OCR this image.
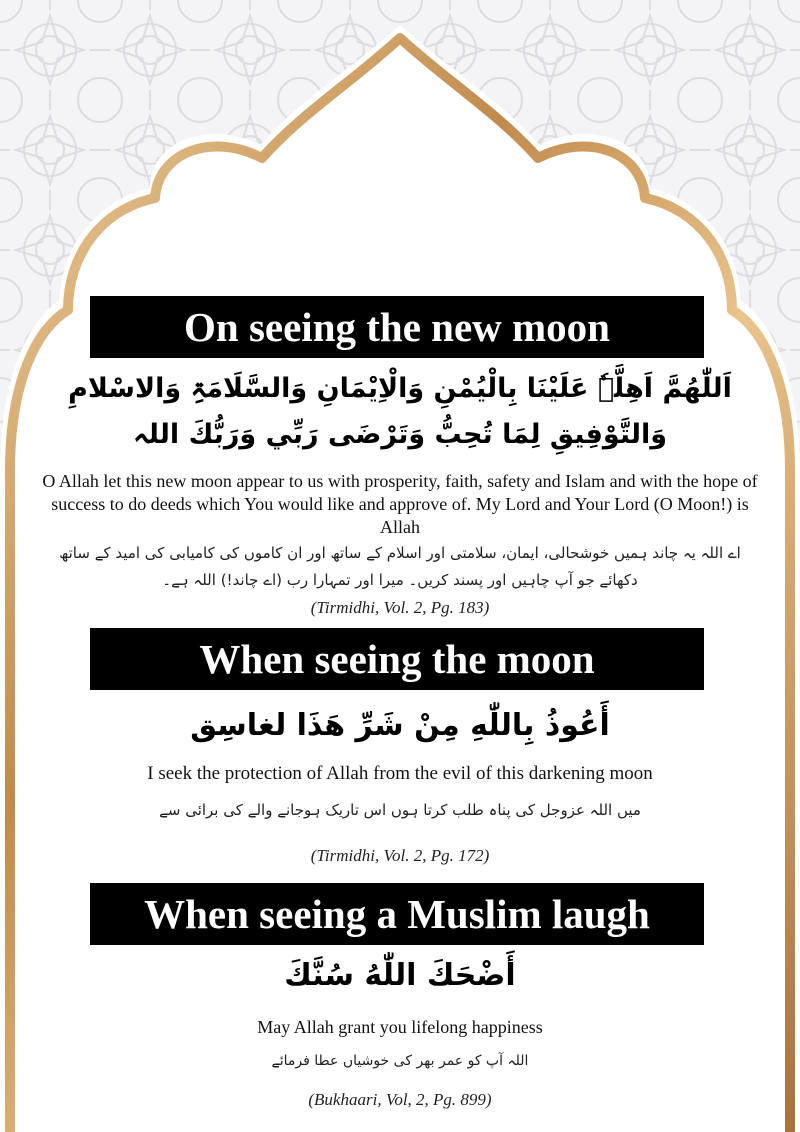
On seeing the new moon
اَللّٰھُمَّ اَھِلَّہٗ عَلَیْنَا بِالْیُمْنِ وَالْاِیْمَانِ وَالسَّلَامَۃِ وَالاسْلامِ وَالتَّوْفِیقِ لِمَا تُحِبُّ وَتَرْضَی رَبِّي وَرَبُّكَ اللہ
O Allah let this new moon appear to us with prosperity, faith, safety and Islam and with the hope of success to do deeds which You would like and approve of. My Lord and Your Lord (O Moon!) is Allah
اے اللہ یہ چاند ہمیں خوشحالی، ایمان، سلامتی اور اسلام کے ساتھ اور ان کاموں کی کامیابی کی امید کے ساتھ دکھائے جو آپ چاہیں اور پسند کریں۔ میرا اور تمہارا رب (اے چاند!) اللہ ہے۔
(Tirmidhi, Vol. 2, Pg. 183)
When seeing the moon
أَعُوذُ بِاللّٰهِ مِنْ شَرِّ هَذَا لغاسِق
I seek the protection of Allah from the evil of this darkening moon
میں اللہ عزوجل کی پناہ طلب کرتا ہوں اس تاریک ہوجانے والے کی برائی سے
(Tirmidhi, Vol. 2, Pg. 172)
When seeing a Muslim laugh
أَضْحَكَ اللّٰهُ سُنَّكَ
May Allah grant you lifelong happiness
اللہ آپ کو عمر بھر کی خوشیاں عطا فرمائے
(Bukhaari, Vol, 2, Pg. 899)
